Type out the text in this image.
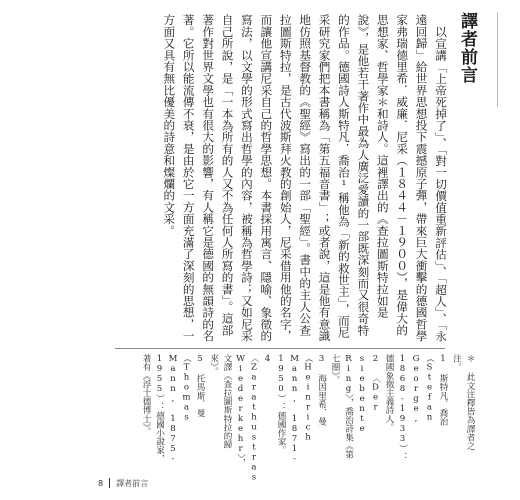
譯者前言

以宣講「上帝死掉了」、「對一切價值重新評估」、「超人」、「永遠回歸」給世界思想投下震撼原子彈，帶來巨大衝擊的德國哲學家弗瑞德里希．威廉．尼采（１８４４－１９００），是偉大的思想家、哲學家＊和詩人。這裡譯出的《查拉圖斯特拉如是說》，是他若干著作中最為人廣泛愛讀的一部既深刻而又很奇特的作品。德國詩人斯特凡．喬治¹稱他為「新的救世主」，而尼采研究家們把本書稱為「第五福音書」；或者說，這是他有意識地仿照基督教的《聖經》寫出的一部「聖經」。書中的主人公查拉圖斯特拉，是古代波斯拜火教的創始人，尼采借用他的名字，而讓他宣講尼采自己的哲學思想。本書採用寓言、隱喻、象徵的寫法，以文學的形式寫出哲學的內容，被稱為哲學詩；又如尼采自己所說，是「一本為所有的人又不為任何人所寫的書」。這部著作對世界文學也有很大的影響，有人稱它是德國的無韻詩的名著。它所以能流傳不衰，是由於它一方面充滿了深刻的思想，一方面又具有無比優美的詩意和燦爛的文采。

＊ 此文注釋皆為譯者之注。

1 斯特凡．喬治（Stefan George, 1868-1933）：德國象徵主義詩人。

2 〈Der siebente Ring〉，喬治詩集《第七圈》。

3 海因里希．曼（Heinrich Mann, 1871-1950）：德國作家。

4 〈Zarathustras Wiederkehr〉，文譯《查拉圖斯特拉的歸來》。

5 托馬斯．曼（Thomas Mann, 1875-1955）：德國小說家，著有《浮士德博士》。

8 譯者前言
